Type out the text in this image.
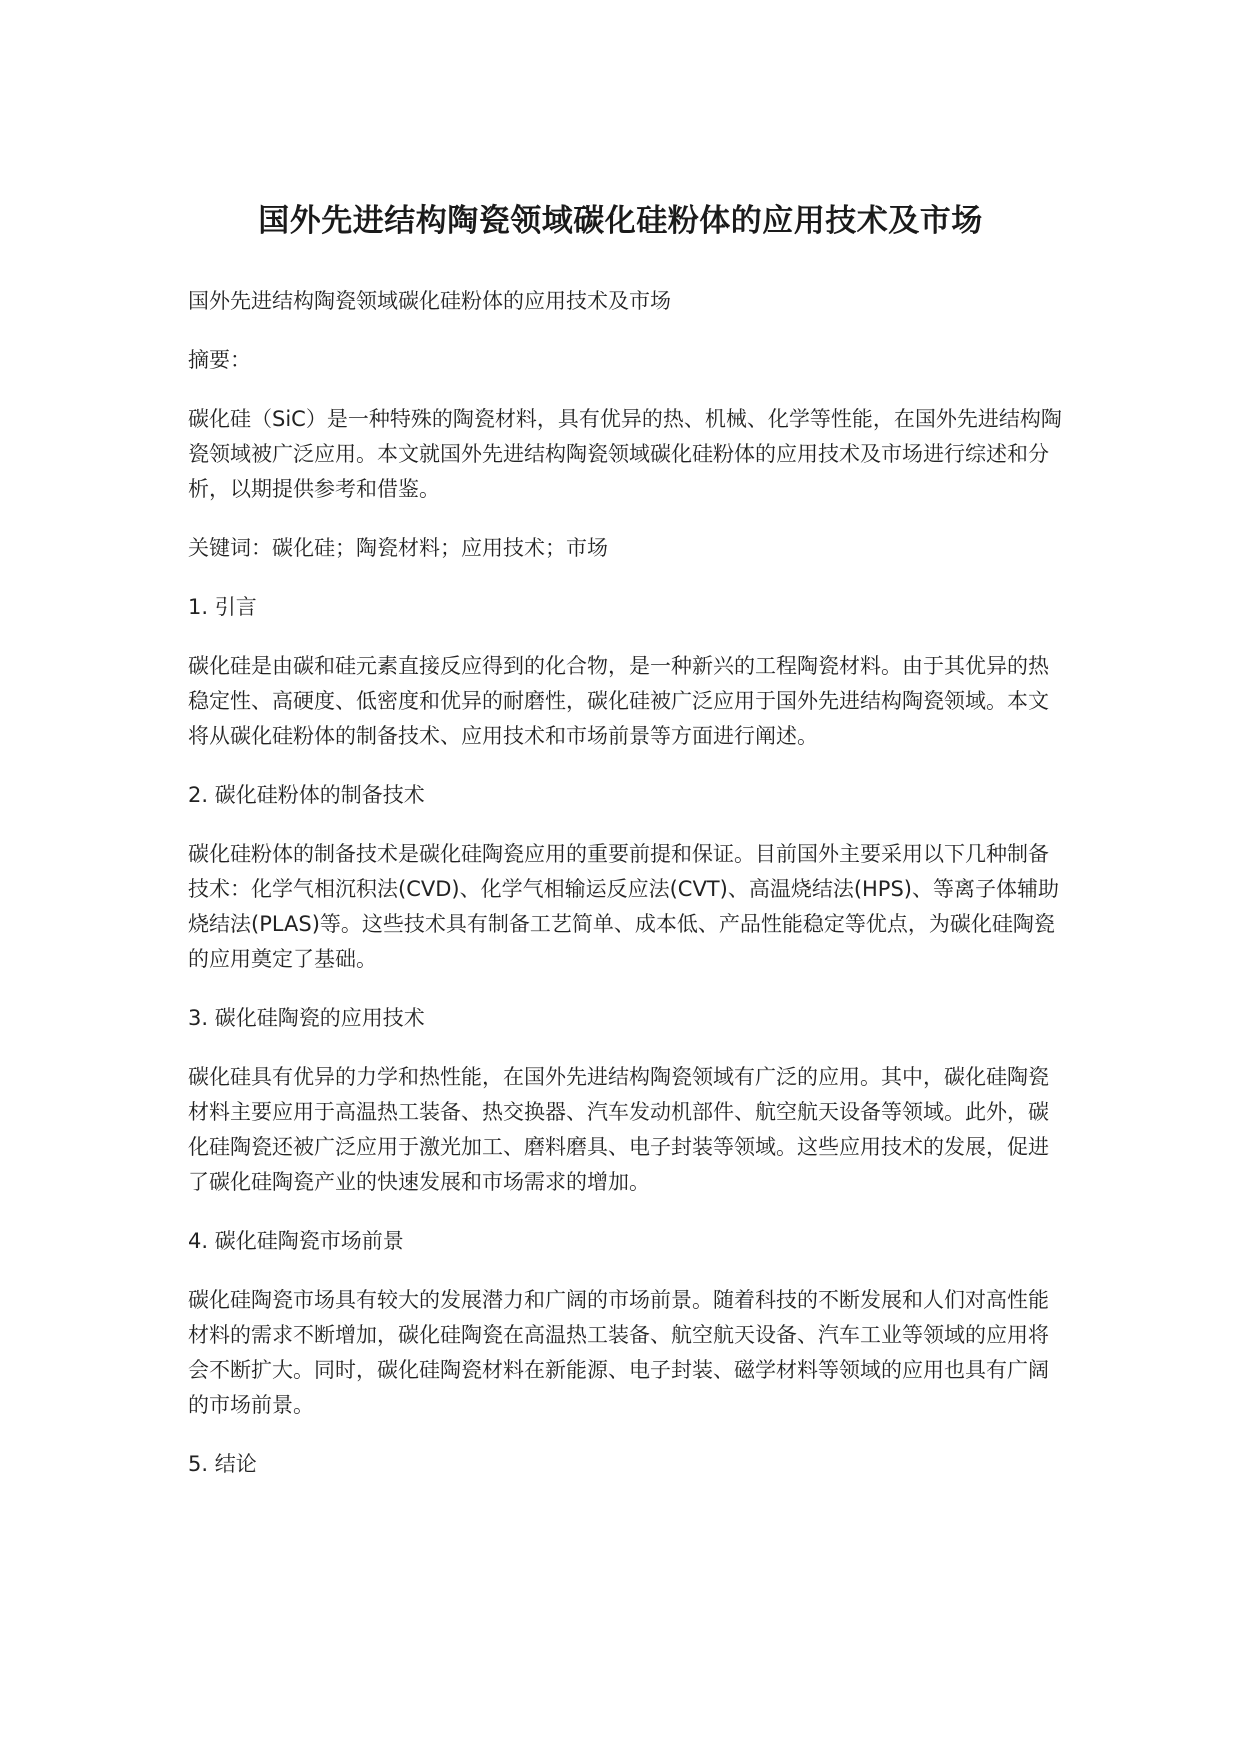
国外先进结构陶瓷领域碳化硅粉体的应用技术及市场

国外先进结构陶瓷领域碳化硅粉体的应用技术及市场

摘要：

碳化硅（SiC）是一种特殊的陶瓷材料，具有优异的热、机械、化学等性能，在国外先进结构陶瓷领域被广泛应用。本文就国外先进结构陶瓷领域碳化硅粉体的应用技术及市场进行综述和分析，以期提供参考和借鉴。

关键词：碳化硅；陶瓷材料；应用技术；市场

1. 引言

碳化硅是由碳和硅元素直接反应得到的化合物，是一种新兴的工程陶瓷材料。由于其优异的热稳定性、高硬度、低密度和优异的耐磨性，碳化硅被广泛应用于国外先进结构陶瓷领域。本文将从碳化硅粉体的制备技术、应用技术和市场前景等方面进行阐述。

2. 碳化硅粉体的制备技术

碳化硅粉体的制备技术是碳化硅陶瓷应用的重要前提和保证。目前国外主要采用以下几种制备技术：化学气相沉积法(CVD)、化学气相输运反应法(CVT)、高温烧结法(HPS)、等离子体辅助烧结法(PLAS)等。这些技术具有制备工艺简单、成本低、产品性能稳定等优点，为碳化硅陶瓷的应用奠定了基础。

3. 碳化硅陶瓷的应用技术

碳化硅具有优异的力学和热性能，在国外先进结构陶瓷领域有广泛的应用。其中，碳化硅陶瓷材料主要应用于高温热工装备、热交换器、汽车发动机部件、航空航天设备等领域。此外，碳化硅陶瓷还被广泛应用于激光加工、磨料磨具、电子封装等领域。这些应用技术的发展，促进了碳化硅陶瓷产业的快速发展和市场需求的增加。

4. 碳化硅陶瓷市场前景

碳化硅陶瓷市场具有较大的发展潜力和广阔的市场前景。随着科技的不断发展和人们对高性能材料的需求不断增加，碳化硅陶瓷在高温热工装备、航空航天设备、汽车工业等领域的应用将会不断扩大。同时，碳化硅陶瓷材料在新能源、电子封装、磁学材料等领域的应用也具有广阔的市场前景。

5. 结论
